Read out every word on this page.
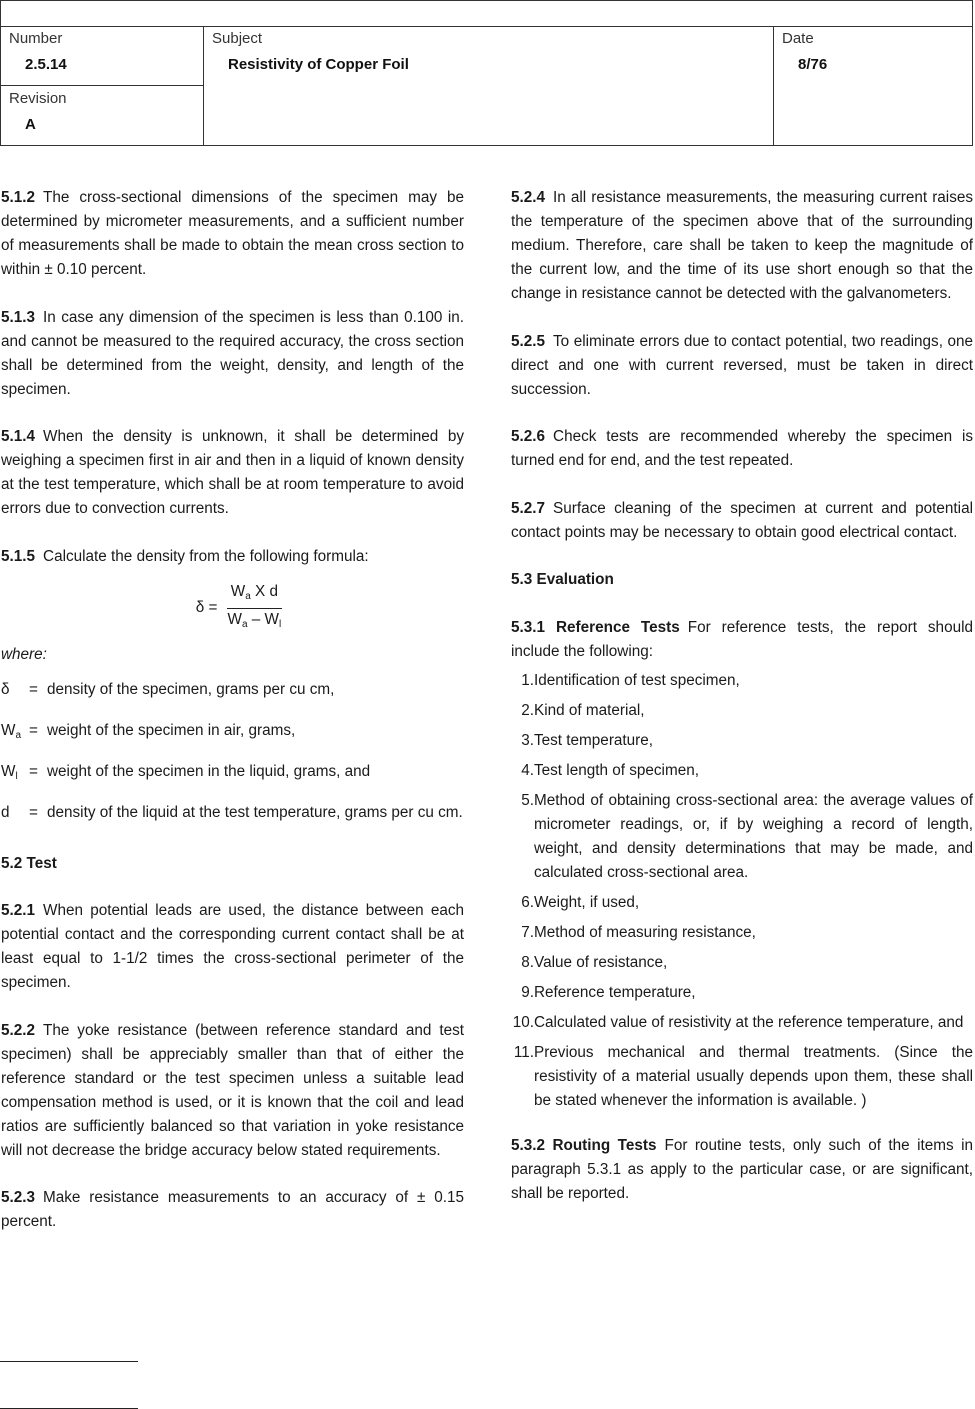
Number
2.5.14
Revision
A
Subject
Resistivity of Copper Foil
Date
8/76

5.1.2 The cross-sectional dimensions of the specimen may be determined by micrometer measurements, and a sufficient number of measurements shall be made to obtain the mean cross section to within ± 0.10 percent.

5.1.3 In case any dimension of the specimen is less than 0.100 in. and cannot be measured to the required accuracy, the cross section shall be determined from the weight, density, and length of the specimen.

5.1.4 When the density is unknown, it shall be determined by weighing a specimen first in air and then in a liquid of known density at the test temperature, which shall be at room temperature to avoid errors due to convection currents.

5.1.5 Calculate the density from the following formula:

$\delta = \frac{W_a X d}{W_a - W_l}$

where:

δ	= density of the specimen, grams per cu cm,
$W_a$ = weight of the specimen in air, grams,
$W_l$ = weight of the specimen in the liquid, grams, and
d	= density of the liquid at the test temperature, grams per cu cm.

5.2 Test

5.2.1 When potential leads are used, the distance between each potential contact and the corresponding current contact shall be at least equal to 1-1/2 times the cross-sectional perimeter of the specimen.

5.2.2 The yoke resistance (between reference standard and test specimen) shall be appreciably smaller than that of either the reference standard or the test specimen unless a suitable lead compensation method is used, or it is known that the coil and lead ratios are sufficiently balanced so that variation in yoke resistance will not decrease the bridge accuracy below stated requirements.

5.2.3 Make resistance measurements to an accuracy of ± 0.15 percent.

5.2.4 In all resistance measurements, the measuring current raises the temperature of the specimen above that of the surrounding medium. Therefore, care shall be taken to keep the magnitude of the current low, and the time of its use short enough so that the change in resistance cannot be detected with the galvanometers.

5.2.5 To eliminate errors due to contact potential, two readings, one direct and one with current reversed, must be taken in direct succession.

5.2.6 Check tests are recommended whereby the specimen is turned end for end, and the test repeated.

5.2.7 Surface cleaning of the specimen at current and potential contact points may be necessary to obtain good electrical contact.

5.3 Evaluation

5.3.1 Reference Tests For reference tests, the report should include the following:

1. Identification of test specimen,
2. Kind of material,
3. Test temperature,
4. Test length of specimen,
5. Method of obtaining cross-sectional area: the average values of micrometer readings, or, if by weighing a record of length, weight, and density determinations that may be made, and calculated cross-sectional area.
6. Weight, if used,
7. Method of measuring resistance,
8. Value of resistance,
9. Reference temperature,
10. Calculated value of resistivity at the reference temperature, and
11. Previous mechanical and thermal treatments. (Since the resistivity of a material usually depends upon them, these shall be stated whenever the information is available. )

5.3.2 Routing Tests For routine tests, only such of the items in paragraph 5.3.1 as apply to the particular case, or are significant, shall be reported.
